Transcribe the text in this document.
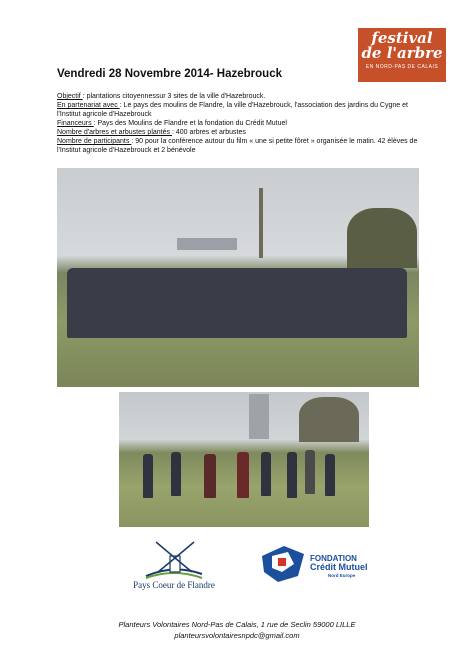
festival
de l'arbre
EN NORD-PAS DE CALAIS
Vendredi 28 Novembre 2014- Hazebrouck

Objectif : plantations citoyennessur 3 sites de la ville d'Hazebrouck.

En partenariat avec : Le pays des moulins de Flandre, la ville d'Hazebrouck, l'association des jardins du Cygne et l'Institut agricole d'Hazebrouck

Financeurs : Pays des Moulins de Flandre et la fondation du Crédit Mutuel

Nombre d'arbres et arbustes plantés : 400 arbres et arbustes

Nombre de participants : 90 pour la conférence autour du film « une si petite fôret » organisée le matin. 42 élèves de l'Institut agricole d'Hazebrouck et 2 bénévole

Pays Coeur de Flandre
FONDATION
Crédit Mutuel
Nord Europe
Planteurs Volontaires Nord-Pas de Calais, 1 rue de Seclin 59000 LILLE
planteursvolontairesnpdc@gmail.com
